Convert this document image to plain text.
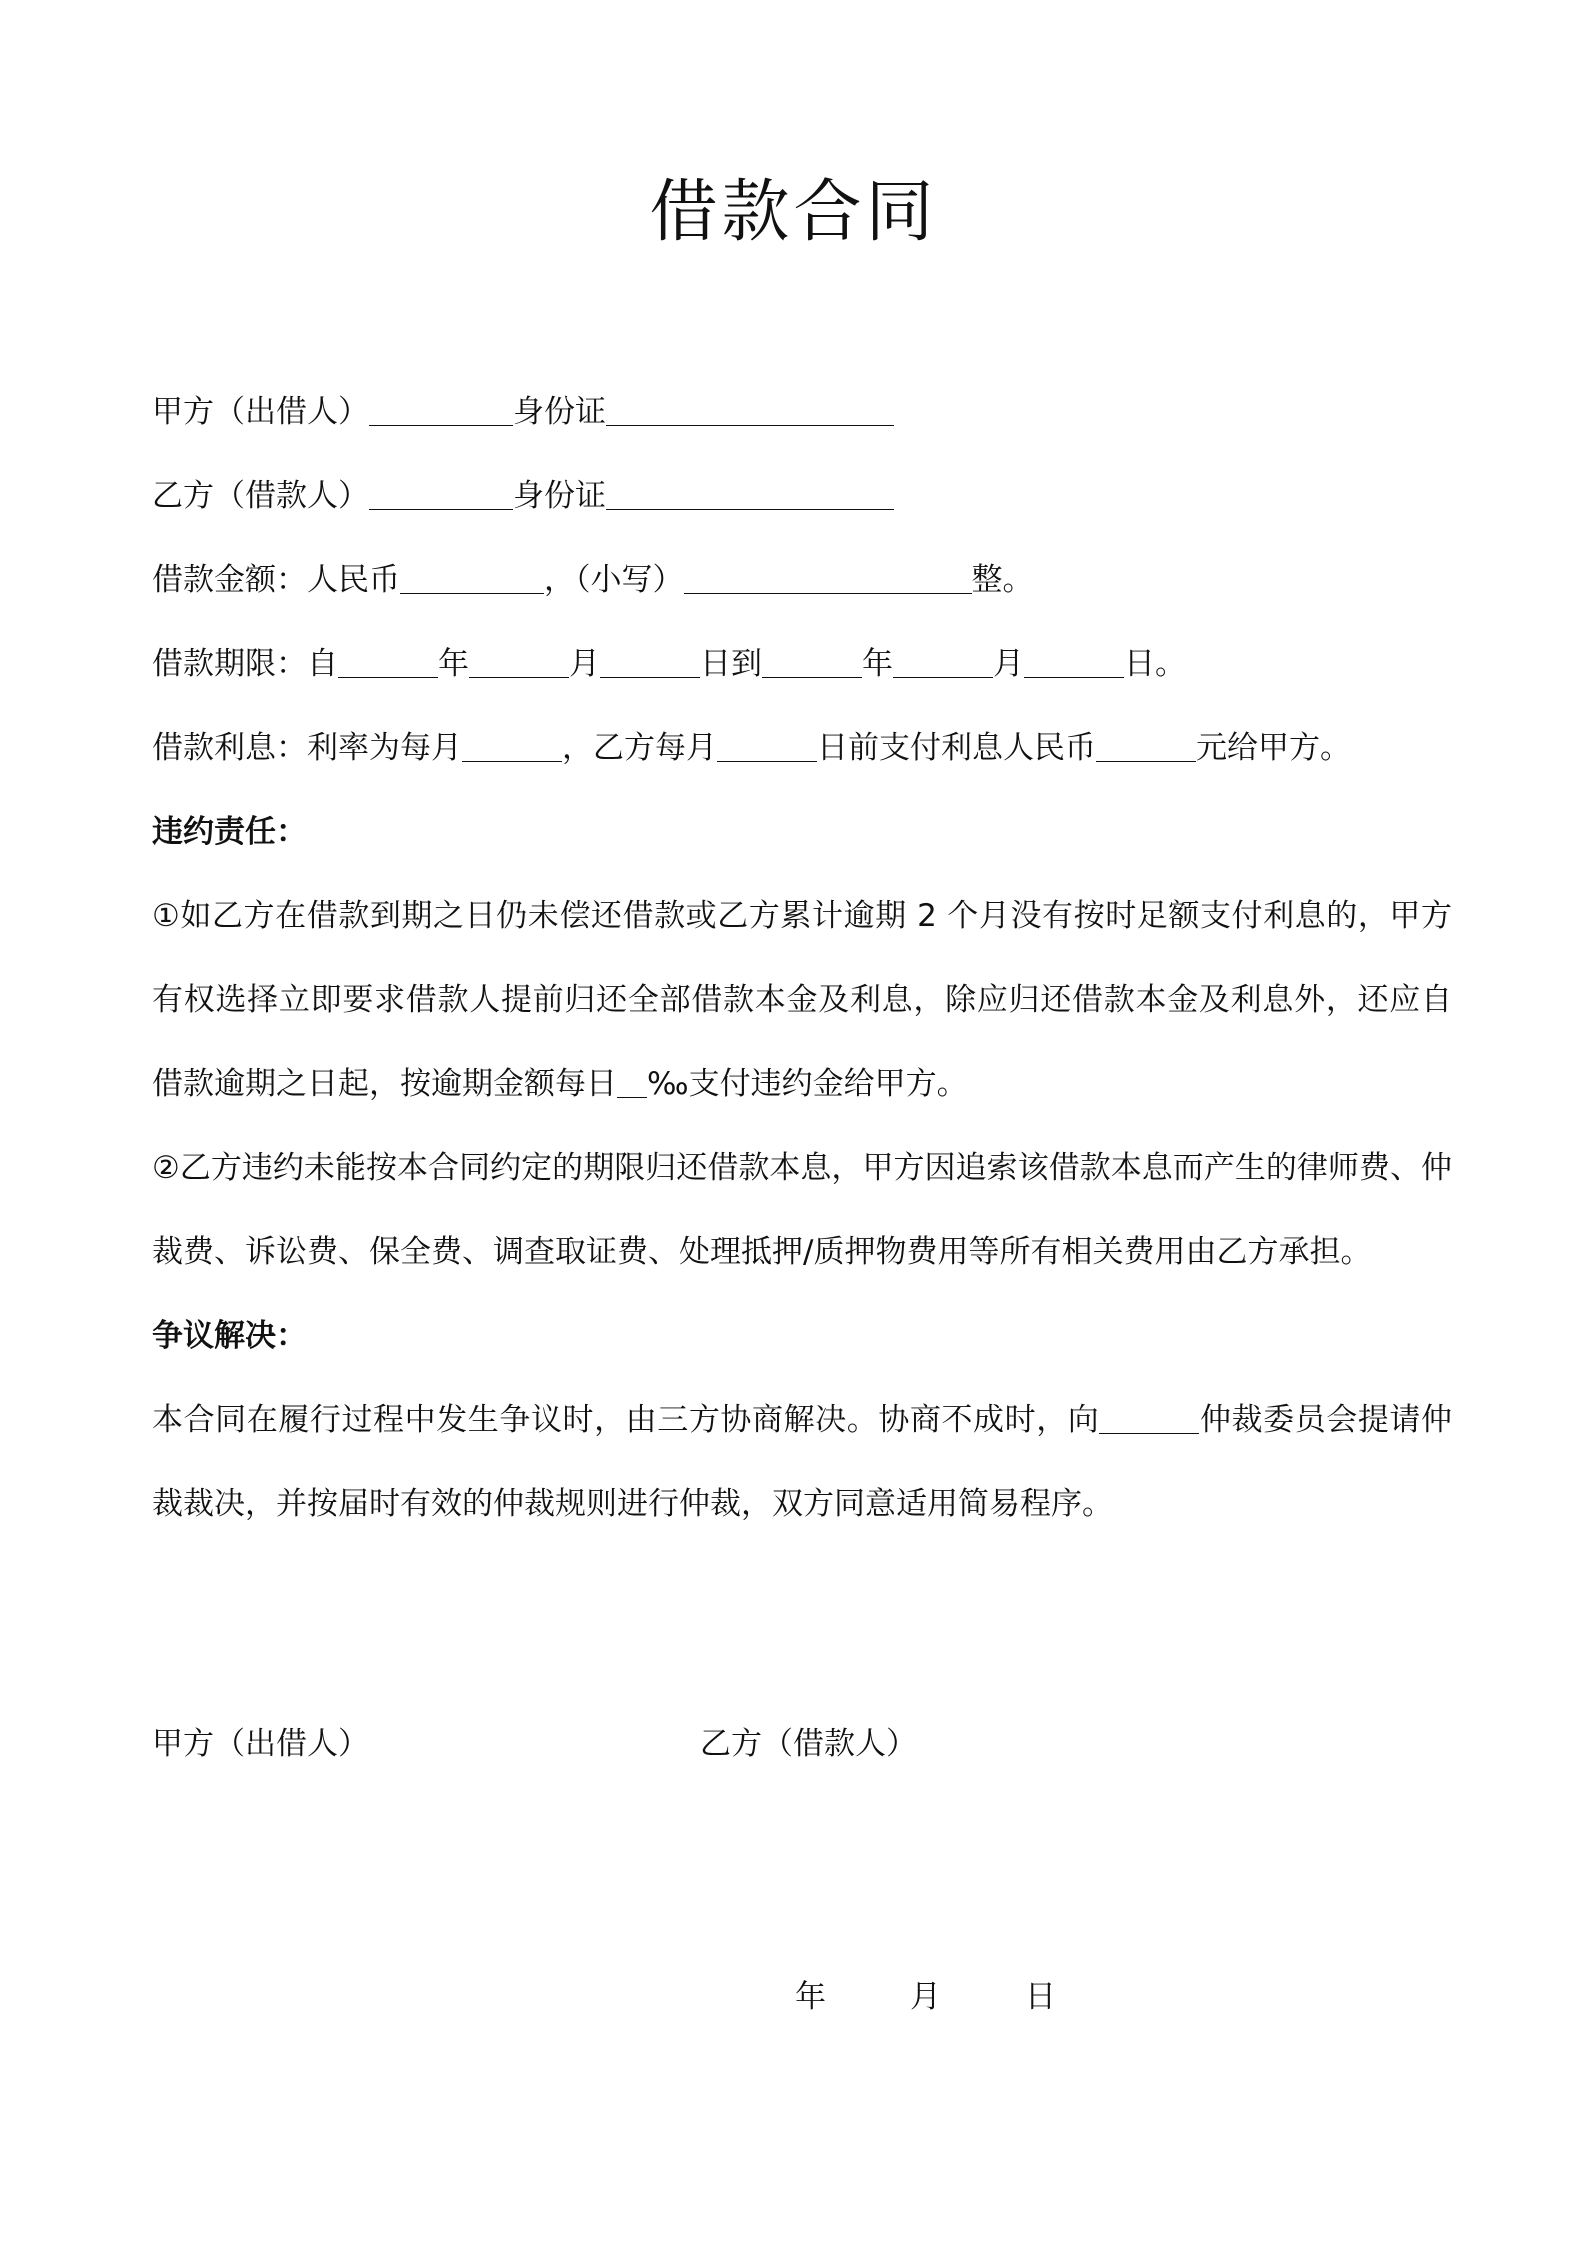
借款合同
甲方（出借人）	身份证
乙方（借款人）	身份证
借款金额：人民币	，（小写）	整。
借款期限：自	年	月	日到	年	月	日。
借款利息：利率为每月	，乙方每月	日前支付利息人民币	元给甲方。
违约责任：
①如乙方在借款到期之日仍未偿还借款或乙方累计逾期 2 个月没有按时足额支付利息的，甲方有权选择立即要求借款人提前归还全部借款本金及利息，除应归还借款本金及利息外，还应自借款逾期之日起，按逾期金额每日 ‰支付违约金给甲方。
②乙方违约未能按本合同约定的期限归还借款本息，甲方因追索该借款本息而产生的律师费、仲裁费、诉讼费、保全费、调查取证费、处理抵押/质押物费用等所有相关费用由乙方承担。
争议解决：
本合同在履行过程中发生争议时，由三方协商解决。协商不成时，向	仲裁委员会提请仲裁裁决，并按届时有效的仲裁规则进行仲裁，双方同意适用简易程序。
甲方（出借人）	乙方（借款人）
年	月	日
